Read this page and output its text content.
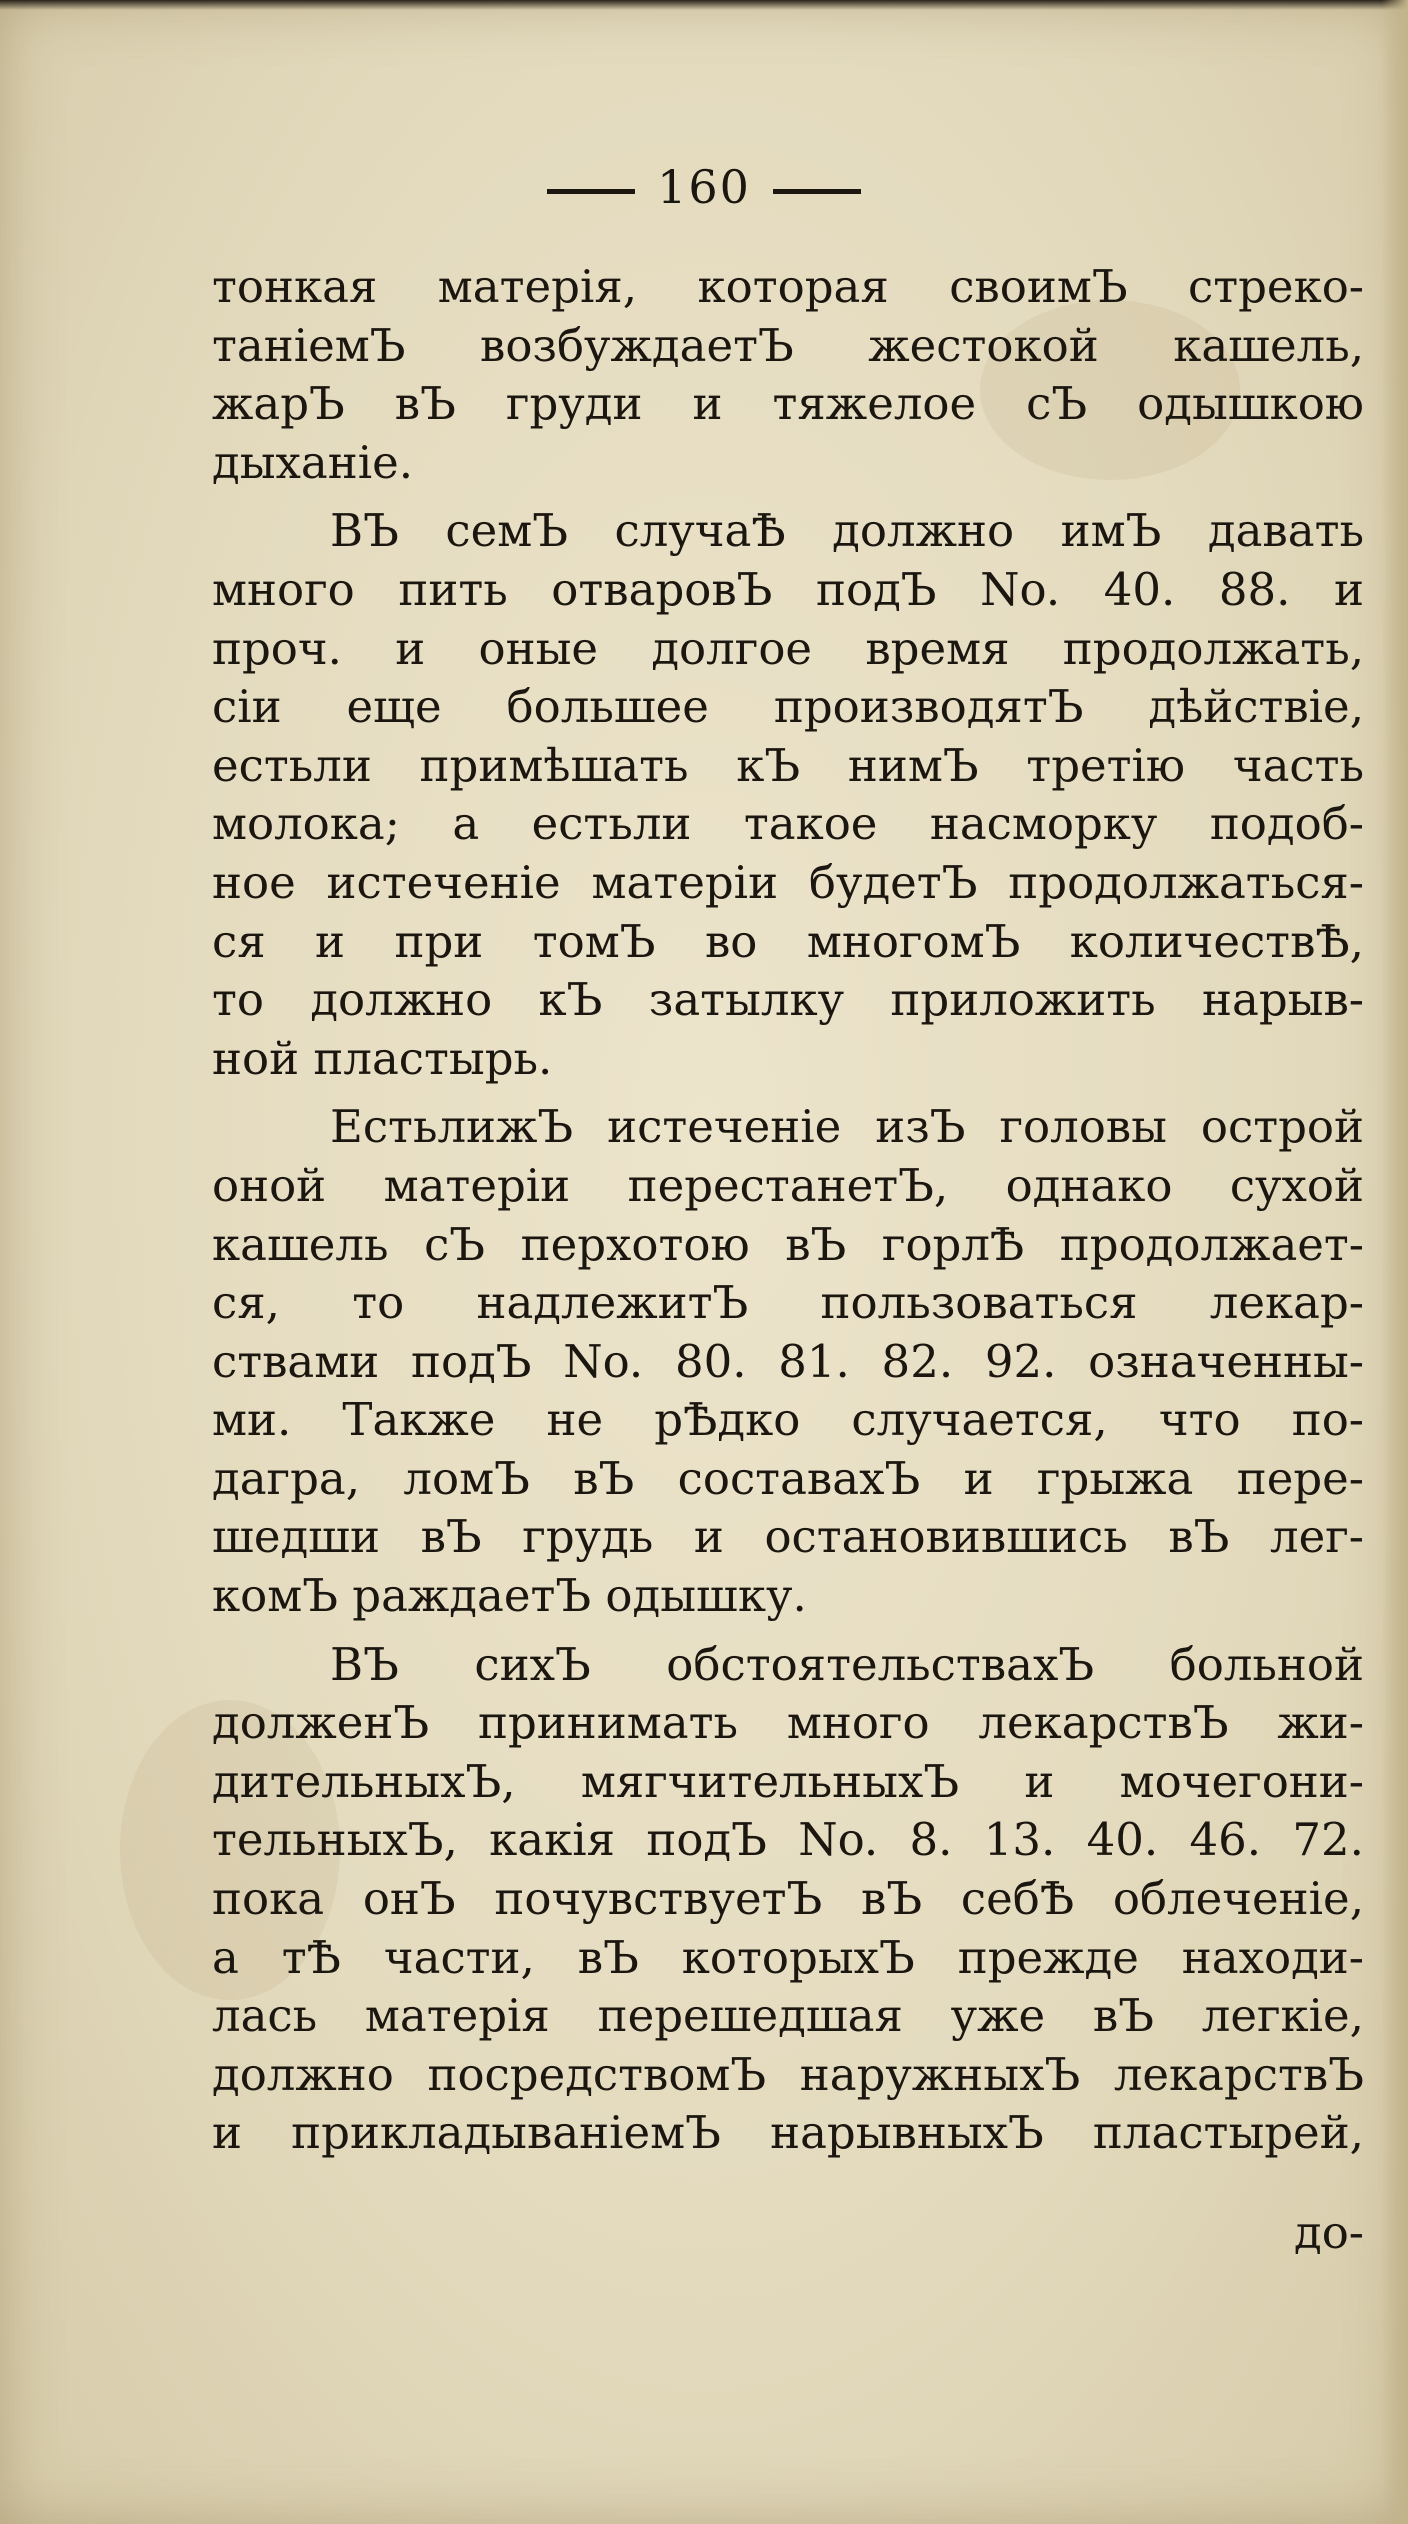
160
тонкая матерія, которая своимЪ стреко-
таніемЪ возбуждаетЪ жестокой кашель,
жарЪ вЪ груди и тяжелое сЪ одышкою
дыханіе.
ВЪ семЪ случаѢ должно имЪ давать
много пить отваровЪ подЪ No. 40. 88. и
проч. и оные долгое время продолжать,
сіи еще большее производятЪ дѣйствіе,
естьли примѣшать кЪ нимЪ третію часть
молока; а естьли такое насморку подоб-
ное истеченіе матеріи будетЪ продолжаться-
ся и при томЪ во многомЪ количествѢ,
то должно кЪ затылку приложить нарыв-
ной пластырь.
ЕстьлижЪ истеченіе изЪ головы острой
оной матеріи перестанетЪ, однако сухой
кашель сЪ перхотою вЪ горлѢ продолжает-
ся, то надлежитЪ пользоваться лекар-
ствами подЪ No. 80. 81. 82. 92. означенны-
ми. Также не рѢдко случается, что по-
дагра, ломЪ вЪ составахЪ и грыжа пере-
шедши вЪ грудь и остановившись вЪ лег-
комЪ раждаетЪ одышку.
ВЪ сихЪ обстоятельствахЪ больной
долженЪ принимать много лекарствЪ жи-
дительныхЪ, мягчительныхЪ и мочегони-
тельныхЪ, какія подЪ No. 8. 13. 40. 46. 72.
пока онЪ почувствуетЪ вЪ себѢ облеченіе,
а тѢ части, вЪ которыхЪ прежде находи-
лась матерія перешедшая уже вЪ легкіе,
должно посредствомЪ наружныхЪ лекарствЪ
и прикладываніемЪ нарывныхЪ пластырей,
до-
